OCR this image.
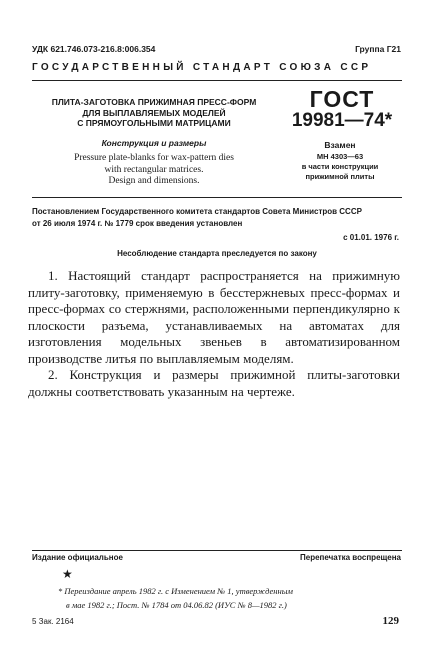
УДК 621.746.073-216.8:006.354	Группа Г21
ГОСУДАРСТВЕННЫЙ СТАНДАРТ СОЮЗА ССР
ПЛИТА-ЗАГОТОВКА ПРИЖИМНАЯ ПРЕСС-ФОРМ
ДЛЯ ВЫПЛАВЛЯЕМЫХ МОДЕЛЕЙ
С ПРЯМОУГОЛЬНЫМИ МАТРИЦАМИ
Конструкция и размеры
Pressure plate-blanks for wax-pattern dies
with rectangular matrices.
Design and dimensions.
ГОСТ
19981—74*
Взамен
МН 4303—63
в части конструкции
прижимной плиты
Постановлением Государственного комитета стандартов Совета Министров СССР
от 26 июля 1974 г. № 1779 срок введения установлен
с 01.01. 1976 г.
Несоблюдение стандарта преследуется по закону

1. Настоящий стандарт распространяется на прижимную плиту-заготовку, применяемую в бесстержневых пресс-формах и пресс-формах со стержнями, расположенными перпендикулярно к плоскости разъема, устанавливаемых на автоматах для изготовления модельных звеньев в автоматизированном производстве литья по выплавляемым моделям.

2. Конструкция и размеры прижимной плиты-заготовки должны соответствовать указанным на чертеже.

Издание официальное	Перепечатка воспрещена
★
* Переиздание апрель 1982 г. с Изменением № 1, утвержденным
в мае 1982 г.; Пост. № 1784 от 04.06.82 (ИУС № 8—1982 г.)
5 Зак. 2164	129
